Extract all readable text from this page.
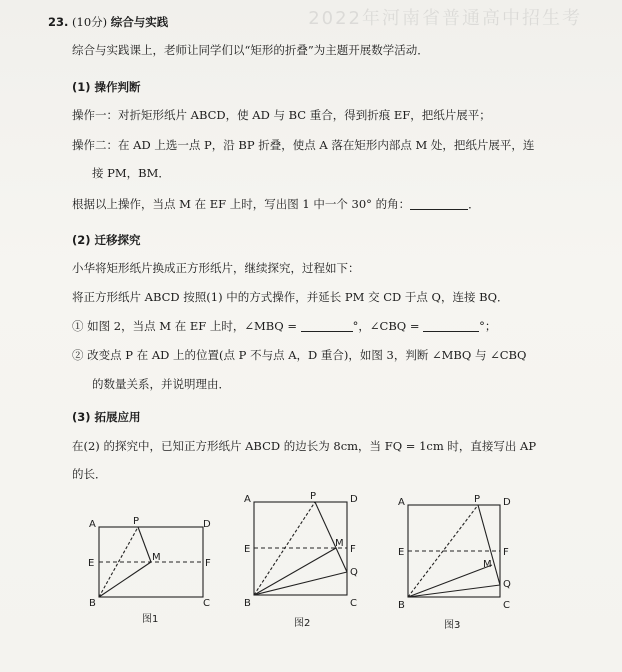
2022年河南省普通高中招生考
23. (10分) 综合与实践
综合与实践课上，老师让同学们以“矩形的折叠”为主题开展数学活动．
(1) 操作判断
操作一：对折矩形纸片 ABCD，使 AD 与 BC 重合，得到折痕 EF，把纸片展平；
操作二：在 AD 上选一点 P，沿 BP 折叠，使点 A 落在矩形内部点 M 处，把纸片展平，连
接 PM，BM．
根据以上操作，当点 M 在 EF 上时，写出图 1 中一个 30° 的角：	．
(2) 迁移探究
小华将矩形纸片换成正方形纸片，继续探究，过程如下：
将正方形纸片 ABCD 按照(1) 中的方式操作，并延长 PM 交 CD 于点 Q，连接 BQ．
① 如图 2，当点 M 在 EF 上时，∠MBQ =	°，∠CBQ =	°；
② 改变点 P 在 AD 上的位置(点 P 不与点 A，D 重合)，如图 3，判断 ∠MBQ 与 ∠CBQ
的数量关系，并说明理由．
(3) 拓展应用
在(2) 的探究中，已知正方形纸片 ABCD 的边长为 8cm，当 FQ = 1cm 时，直接写出 AP
的长．
A
B	C
D
E	F
P
M
图1
A
B	C
D
E	F
P
M
Q
图2
A
B	C
D
E	F
P
M
Q
图3
